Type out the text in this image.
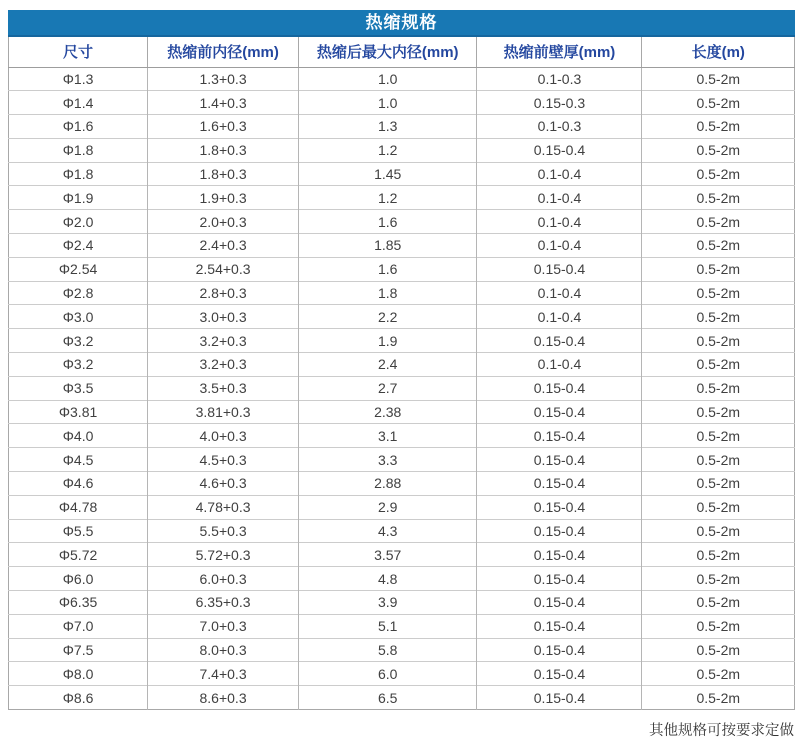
热缩规格
尺寸	热缩前内径(mm)	热缩后最大内径(mm)	热缩前壁厚(mm)	长度(m)
Φ1.3	1.3+0.3	1.0	0.1-0.3	0.5-2m
Φ1.4	1.4+0.3	1.0	0.15-0.3	0.5-2m
Φ1.6	1.6+0.3	1.3	0.1-0.3	0.5-2m
Φ1.8	1.8+0.3	1.2	0.15-0.4	0.5-2m
Φ1.8	1.8+0.3	1.45	0.1-0.4	0.5-2m
Φ1.9	1.9+0.3	1.2	0.1-0.4	0.5-2m
Φ2.0	2.0+0.3	1.6	0.1-0.4	0.5-2m
Φ2.4	2.4+0.3	1.85	0.1-0.4	0.5-2m
Φ2.54	2.54+0.3	1.6	0.15-0.4	0.5-2m
Φ2.8	2.8+0.3	1.8	0.1-0.4	0.5-2m
Φ3.0	3.0+0.3	2.2	0.1-0.4	0.5-2m
Φ3.2	3.2+0.3	1.9	0.15-0.4	0.5-2m
Φ3.2	3.2+0.3	2.4	0.1-0.4	0.5-2m
Φ3.5	3.5+0.3	2.7	0.15-0.4	0.5-2m
Φ3.81	3.81+0.3	2.38	0.15-0.4	0.5-2m
Φ4.0	4.0+0.3	3.1	0.15-0.4	0.5-2m
Φ4.5	4.5+0.3	3.3	0.15-0.4	0.5-2m
Φ4.6	4.6+0.3	2.88	0.15-0.4	0.5-2m
Φ4.78	4.78+0.3	2.9	0.15-0.4	0.5-2m
Φ5.5	5.5+0.3	4.3	0.15-0.4	0.5-2m
Φ5.72	5.72+0.3	3.57	0.15-0.4	0.5-2m
Φ6.0	6.0+0.3	4.8	0.15-0.4	0.5-2m
Φ6.35	6.35+0.3	3.9	0.15-0.4	0.5-2m
Φ7.0	7.0+0.3	5.1	0.15-0.4	0.5-2m
Φ7.5	8.0+0.3	5.8	0.15-0.4	0.5-2m
Φ8.0	7.4+0.3	6.0	0.15-0.4	0.5-2m
Φ8.6	8.6+0.3	6.5	0.15-0.4	0.5-2m
其他规格可按要求定做
